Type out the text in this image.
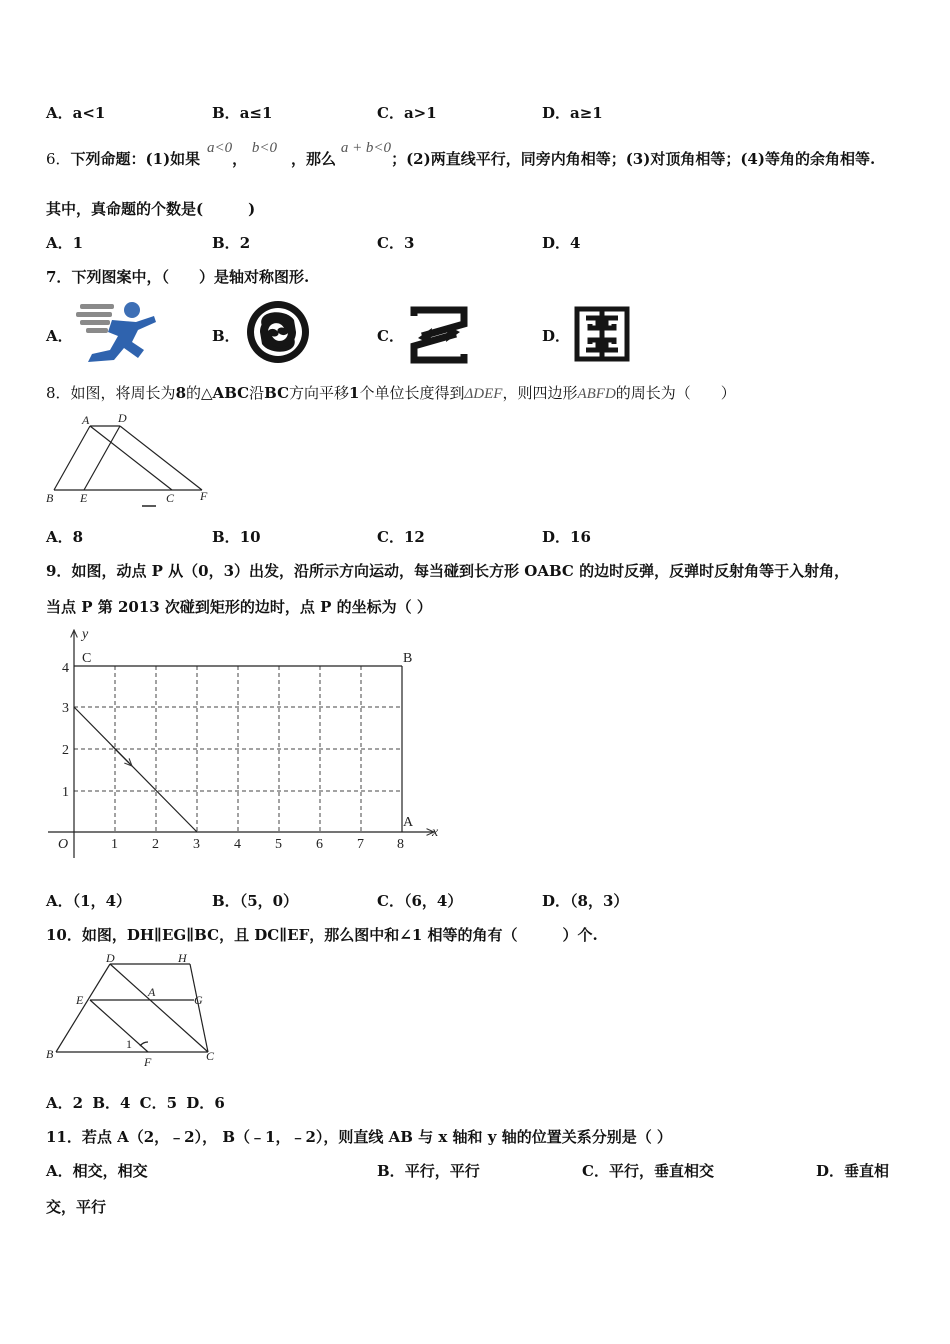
A．a<1	B．a≤1	C．a>1	D．a≥1
6．下列命题：(1)如果 a<0， b<0，那么 a + b<0；(2)两直线平行，同旁内角相等；(3)对顶角相等；(4)等角的余角相等.
其中，真命题的个数是(　　　)
A．1	B．2	C．3	D．4
7．下列图案中，（　　）是轴对称图形.
A．	B．	C．	D．
8．如图，将周长为8的△ABC沿BC方向平移1个单位长度得到ΔDEF，则四边形ABFD的周长为（　　）
A D
B E	C F
A．8	B．10	C．12	D．16
9．如图，动点 P 从（0，3）出发，沿所示方向运动，每当碰到长方形 OABC 的边时反弹，反弹时反射角等于入射角，
当点 P 第 2013 次碰到矩形的边时，点 P 的坐标为（ ）
1 2 3 4 5 6 7 8
1
2
3
4
O
x
y
C	B
A
A．（1，4）	B．（5，0）	C．（6，4）	D．（8，3）
10．如图，DH∥EG∥BC，且 DC∥EF，那么图中和∠1 相等的角有（　　　）个.
D	H
E
A
G
B
1
F	C
A．2 B．4 C．5 D．6
11．若点 A（2，﹣2）， B（﹣1，﹣2），则直线 AB 与 x 轴和 y 轴的位置关系分别是（ ）
A．相交，相交	B．平行，平行	C．平行，垂直相交	D．垂直相
交，平行
